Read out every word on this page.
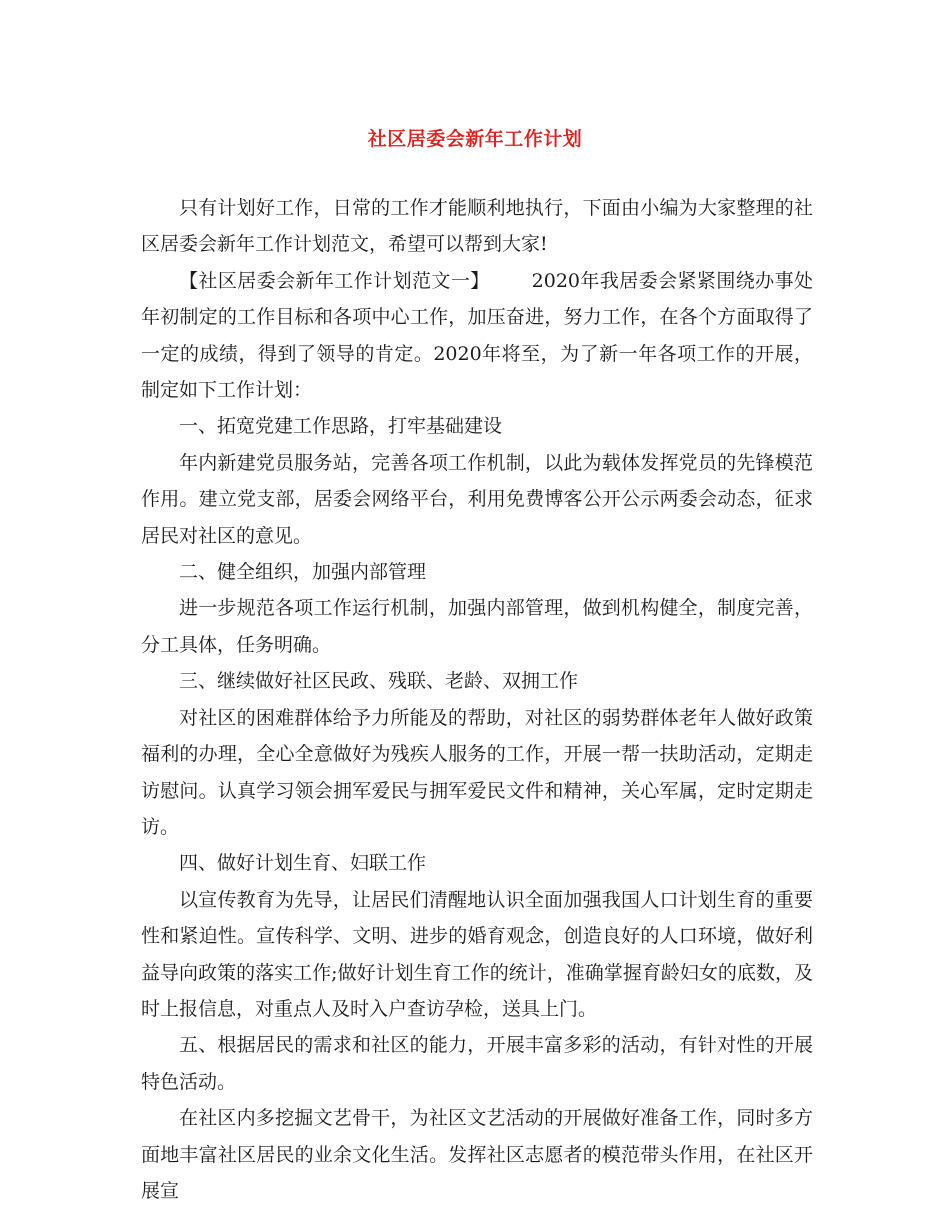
社区居委会新年工作计划

只有计划好工作，日常的工作才能顺利地执行，下面由小编为大家整理的社区居委会新年工作计划范文，希望可以帮到大家!

【社区居委会新年工作计划范文一】 2020年我居委会紧紧围绕办事处年初制定的工作目标和各项中心工作，加压奋进，努力工作，在各个方面取得了一定的成绩，得到了领导的肯定。2020年将至，为了新一年各项工作的开展，制定如下工作计划：

一、拓宽党建工作思路，打牢基础建设

年内新建党员服务站，完善各项工作机制，以此为载体发挥党员的先锋模范作用。建立党支部，居委会网络平台，利用免费博客公开公示两委会动态，征求居民对社区的意见。

二、健全组织，加强内部管理

进一步规范各项工作运行机制，加强内部管理，做到机构健全，制度完善，分工具体，任务明确。

三、继续做好社区民政、残联、老龄、双拥工作

对社区的困难群体给予力所能及的帮助，对社区的弱势群体老年人做好政策福利的办理，全心全意做好为残疾人服务的工作，开展一帮一扶助活动，定期走访慰问。认真学习领会拥军爱民与拥军爱民文件和精神，关心军属，定时定期走访。

四、做好计划生育、妇联工作

以宣传教育为先导，让居民们清醒地认识全面加强我国人口计划生育的重要性和紧迫性。宣传科学、文明、进步的婚育观念，创造良好的人口环境，做好利益导向政策的落实工作;做好计划生育工作的统计，准确掌握育龄妇女的底数，及时上报信息，对重点人及时入户查访孕检，送具上门。

五、根据居民的需求和社区的能力，开展丰富多彩的活动，有针对性的开展特色活动。

在社区内多挖掘文艺骨干，为社区文艺活动的开展做好准备工作，同时多方面地丰富社区居民的业余文化生活。发挥社区志愿者的模范带头作用，在社区开展宣
